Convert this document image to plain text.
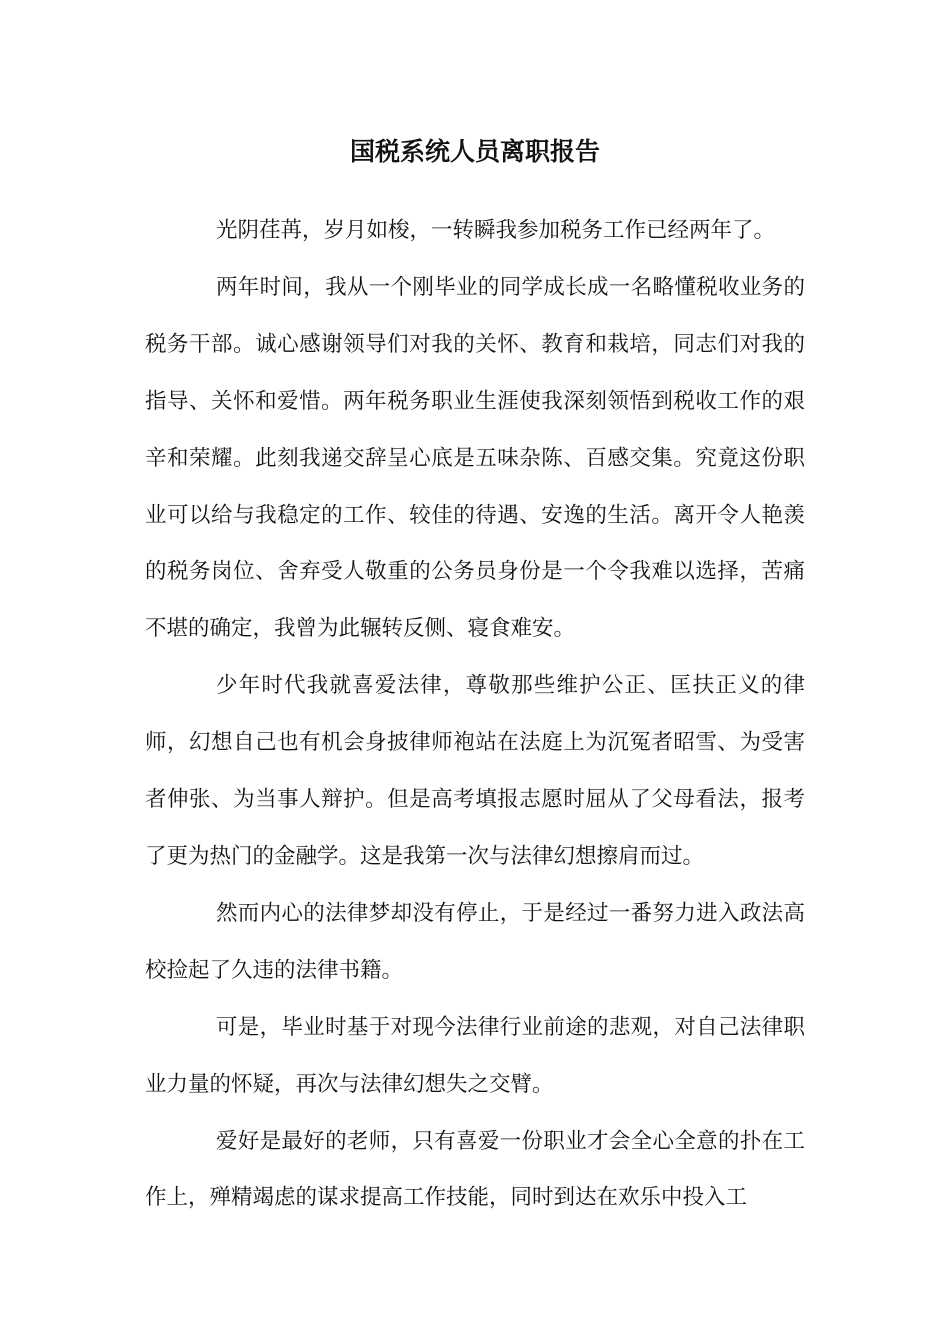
国税系统人员离职报告

光阴荏苒，岁月如梭，一转瞬我参加税务工作已经两年了。

两年时间，我从一个刚毕业的同学成长成一名略懂税收业务的税务干部。诚心感谢领导们对我的关怀、教育和栽培，同志们对我的指导、关怀和爱惜。两年税务职业生涯使我深刻领悟到税收工作的艰辛和荣耀。此刻我递交辞呈心底是五味杂陈、百感交集。究竟这份职业可以给与我稳定的工作、较佳的待遇、安逸的生活。离开令人艳羡的税务岗位、舍弃受人敬重的公务员身份是一个令我难以选择，苦痛不堪的确定，我曾为此辗转反侧、寝食难安。

少年时代我就喜爱法律，尊敬那些维护公正、匡扶正义的律师，幻想自己也有机会身披律师袍站在法庭上为沉冤者昭雪、为受害者伸张、为当事人辩护。但是高考填报志愿时屈从了父母看法，报考了更为热门的金融学。这是我第一次与法律幻想擦肩而过。

然而内心的法律梦却没有停止，于是经过一番努力进入政法高校捡起了久违的法律书籍。

可是，毕业时基于对现今法律行业前途的悲观，对自己法律职业力量的怀疑，再次与法律幻想失之交臂。

爱好是最好的老师，只有喜爱一份职业才会全心全意的扑在工作上，殚精竭虑的谋求提高工作技能，同时到达在欢乐中投入工
